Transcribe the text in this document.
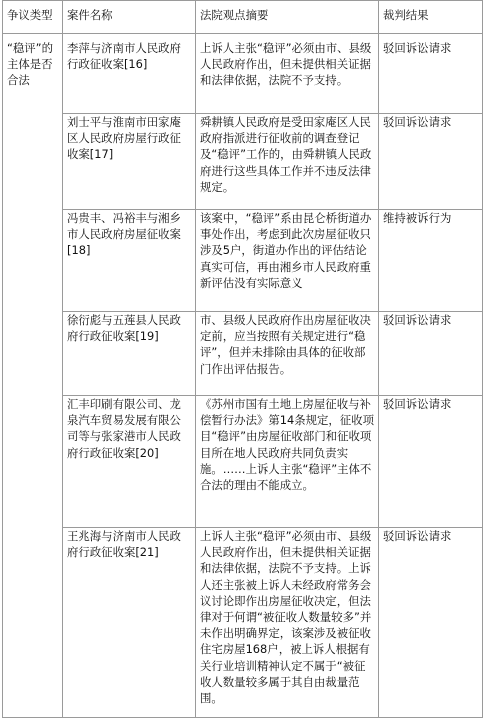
争议类型	案件名称	法院观点摘要	裁判结果
“稳评”的主体是否合法	李萍与济南市人民政府行政征收案[16]	上诉人主张“稳评”必须由市、县级人民政府作出，但未提供相关证据和法律依据，法院不予支持。	驳回诉讼请求
	刘士平与淮南市田家庵区人民政府房屋行政征收案[17]	舜耕镇人民政府是受田家庵区人民政府指派进行征收前的调查登记及“稳评”工作的，由舜耕镇人民政府进行这些具体工作并不违反法律规定。	驳回诉讼请求
	冯贵丰、冯裕丰与湘乡市人民政府房屋征收案[18]	该案中，“稳评”系由昆仑桥街道办事处作出，考虑到此次房屋征收只涉及5户，街道办作出的评估结论真实可信，再由湘乡市人民政府重新评估没有实际意义	维持被诉行为
	徐衍彪与五莲县人民政府行政征收案[19]	市、县级人民政府作出房屋征收决定前，应当按照有关规定进行“稳评”，但并未排除由具体的征收部门作出评估报告。	驳回诉讼请求
	汇丰印刷有限公司、龙泉汽车贸易发展有限公司等与张家港市人民政府行政征收案[20]	《苏州市国有土地上房屋征收与补偿暂行办法》第14条规定，征收项目“稳评”由房屋征收部门和征收项目所在地人民政府共同负责实施。……上诉人主张“稳评”主体不合法的理由不能成立。	驳回诉讼请求
	王兆海与济南市人民政府行政征收案[21]	上诉人主张“稳评”必须由市、县级人民政府作出，但未提供相关证据和法律依据，法院不予支持。上诉人还主张被上诉人未经政府常务会议讨论即作出房屋征收决定，但法律对于何谓“被征收人数量较多”并未作出明确界定，该案涉及被征收住宅房屋168户，被上诉人根据有关行业培训精神认定不属于“被征收人数量较多属于其自由裁量范围。	驳回诉讼请求
